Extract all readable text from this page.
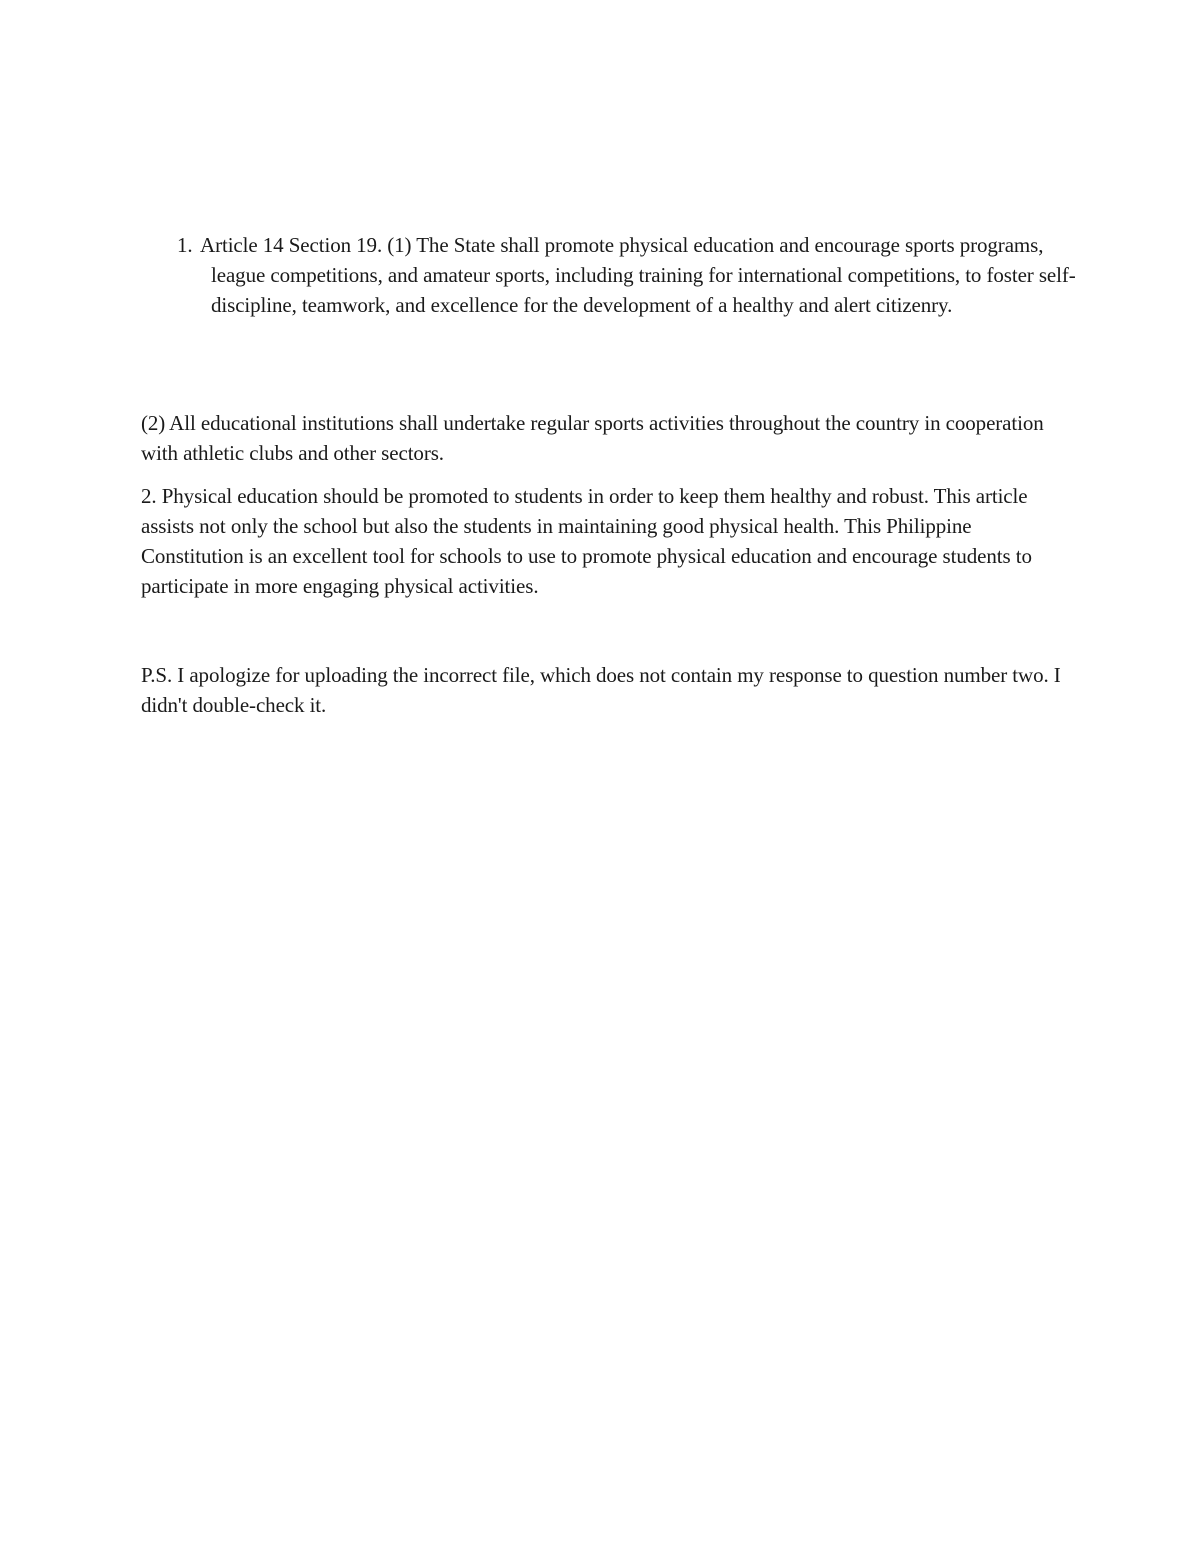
1. Article 14 Section 19. (1) The State shall promote physical education and encourage sports programs, league competitions, and amateur sports, including training for international competitions, to foster self-discipline, teamwork, and excellence for the development of a healthy and alert citizenry.

(2) All educational institutions shall undertake regular sports activities throughout the country in cooperation with athletic clubs and other sectors.

2. Physical education should be promoted to students in order to keep them healthy and robust. This article assists not only the school but also the students in maintaining good physical health. This Philippine Constitution is an excellent tool for schools to use to promote physical education and encourage students to participate in more engaging physical activities.

P.S. I apologize for uploading the incorrect file, which does not contain my response to question number two. I didn't double-check it.
